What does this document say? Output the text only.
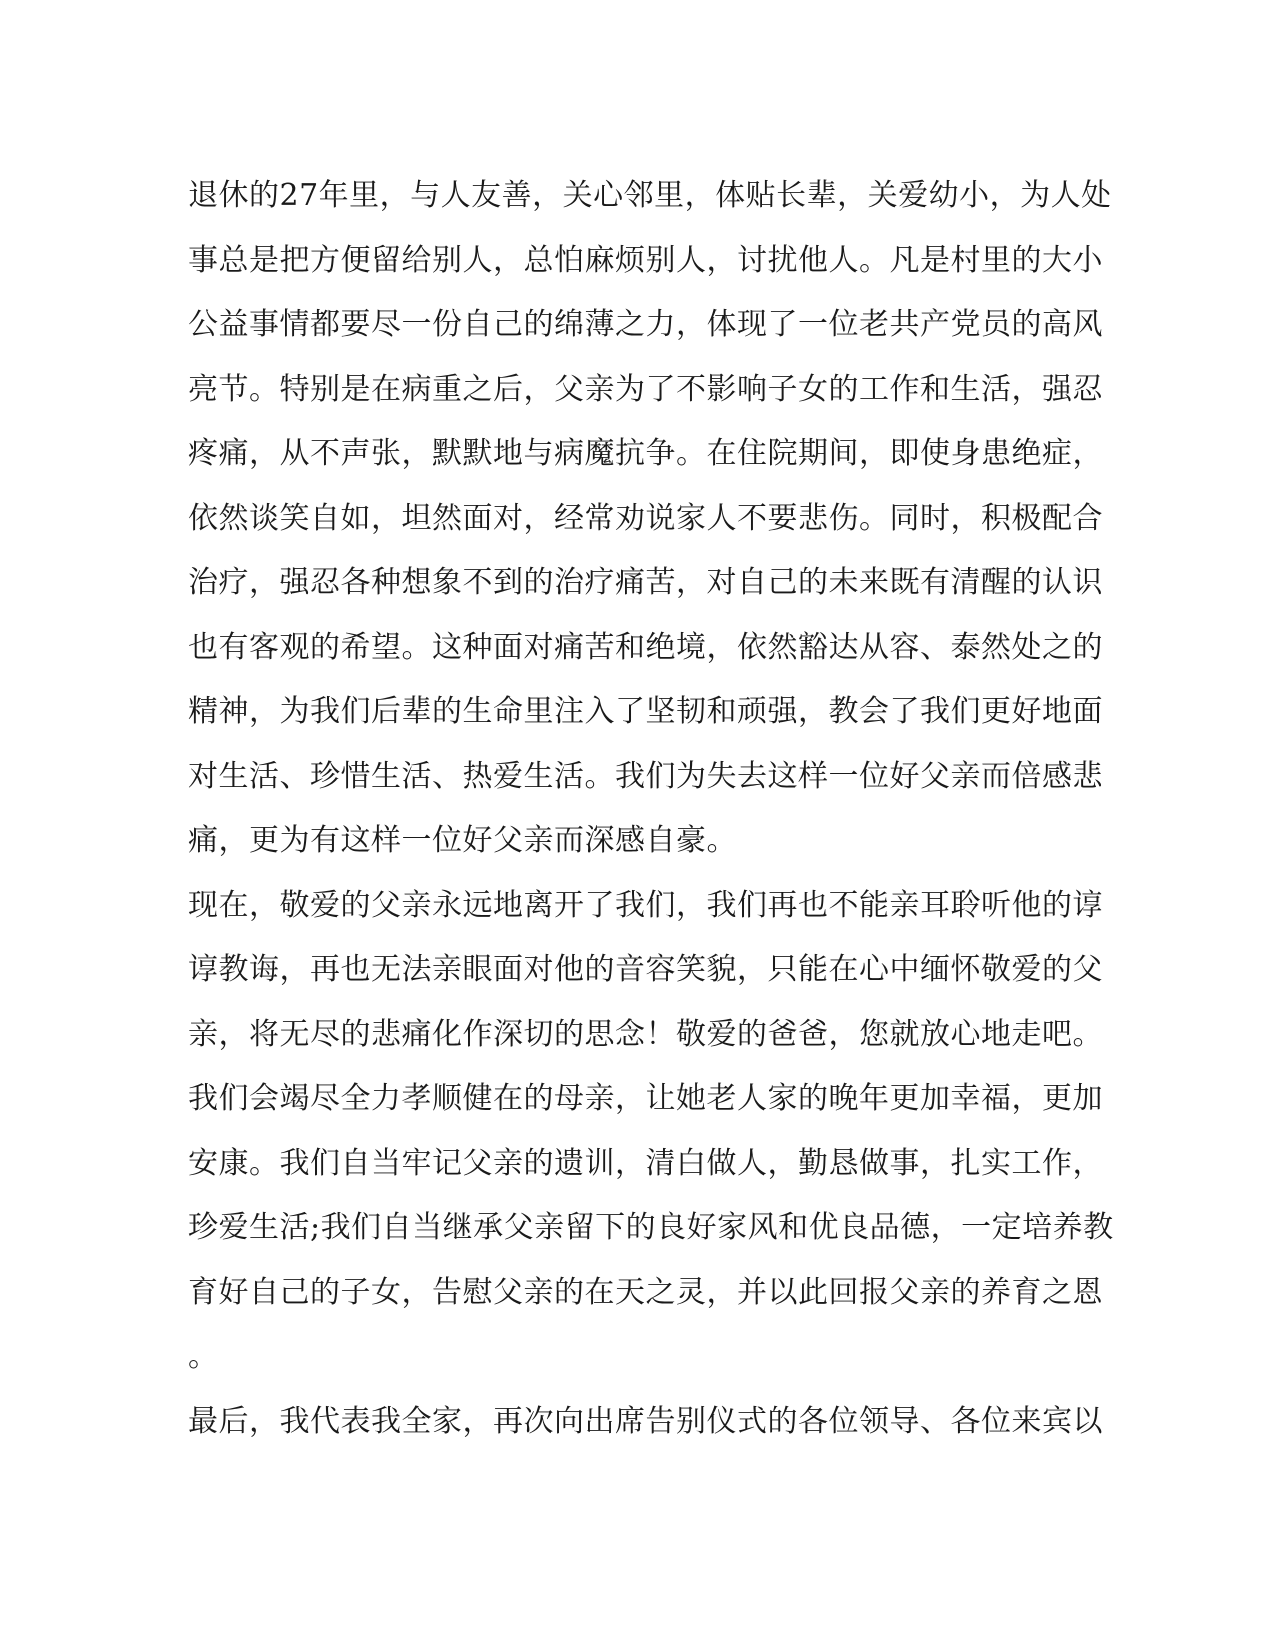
退休的27年里，与人友善，关心邻里，体贴长辈，关爱幼小，为人处
事总是把方便留给别人，总怕麻烦别人，讨扰他人。凡是村里的大小
公益事情都要尽一份自己的绵薄之力，体现了一位老共产党员的高风
亮节。特别是在病重之后，父亲为了不影响子女的工作和生活，强忍
疼痛，从不声张，默默地与病魔抗争。在住院期间，即使身患绝症，
依然谈笑自如，坦然面对，经常劝说家人不要悲伤。同时，积极配合
治疗，强忍各种想象不到的治疗痛苦，对自己的未来既有清醒的认识
也有客观的希望。这种面对痛苦和绝境，依然豁达从容、泰然处之的
精神，为我们后辈的生命里注入了坚韧和顽强，教会了我们更好地面
对生活、珍惜生活、热爱生活。我们为失去这样一位好父亲而倍感悲
痛，更为有这样一位好父亲而深感自豪。
现在，敬爱的父亲永远地离开了我们，我们再也不能亲耳聆听他的谆
谆教诲，再也无法亲眼面对他的音容笑貌，只能在心中缅怀敬爱的父
亲，将无尽的悲痛化作深切的思念！敬爱的爸爸，您就放心地走吧。
我们会竭尽全力孝顺健在的母亲，让她老人家的晚年更加幸福，更加
安康。我们自当牢记父亲的遗训，清白做人，勤恳做事，扎实工作，
珍爱生活;我们自当继承父亲留下的良好家风和优良品德，一定培养教
育好自己的子女，告慰父亲的在天之灵，并以此回报父亲的养育之恩
。
最后，我代表我全家，再次向出席告别仪式的各位领导、各位来宾以
